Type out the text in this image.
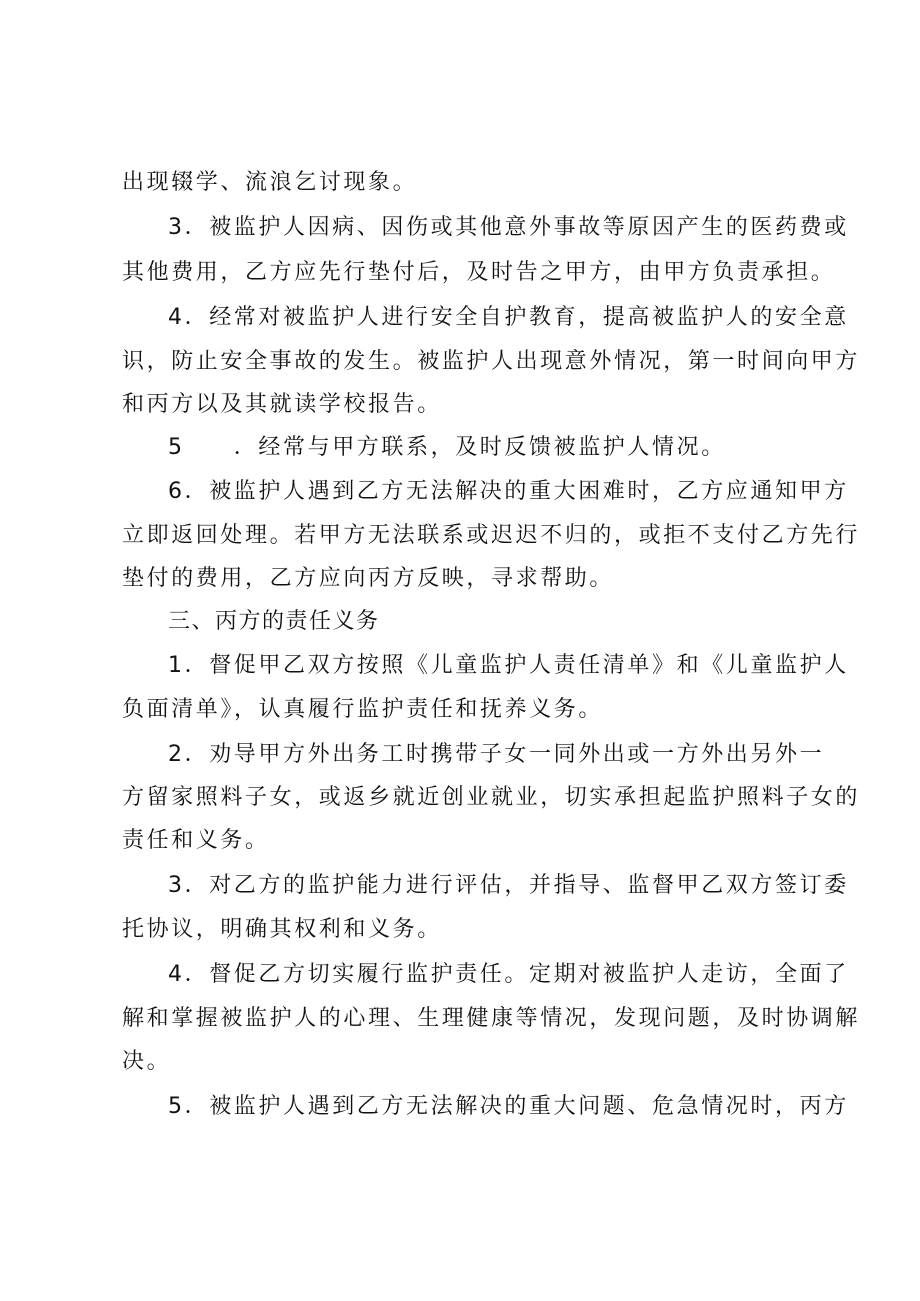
出现辍学、流浪乞讨现象。
3．被监护人因病、因伤或其他意外事故等原因产生的医药费或
其他费用，乙方应先行垫付后，及时告之甲方，由甲方负责承担。
4．经常对被监护人进行安全自护教育，提高被监护人的安全意
识，防止安全事故的发生。被监护人出现意外情况，第一时间向甲方
和丙方以及其就读学校报告。
5　　．经常与甲方联系，及时反馈被监护人情况。
6．被监护人遇到乙方无法解决的重大困难时，乙方应通知甲方
立即返回处理。若甲方无法联系或迟迟不归的，或拒不支付乙方先行
垫付的费用，乙方应向丙方反映，寻求帮助。
三、丙方的责任义务
1．督促甲乙双方按照《儿童监护人责任清单》和《儿童监护人
负面清单》，认真履行监护责任和抚养义务。
2．劝导甲方外出务工时携带子女一同外出或一方外出另外一
方留家照料子女，或返乡就近创业就业，切实承担起监护照料子女的
责任和义务。
3．对乙方的监护能力进行评估，并指导、监督甲乙双方签订委
托协议，明确其权利和义务。
4．督促乙方切实履行监护责任。定期对被监护人走访，全面了
解和掌握被监护人的心理、生理健康等情况，发现问题，及时协调解
决。
5．被监护人遇到乙方无法解决的重大问题、危急情况时，丙方
